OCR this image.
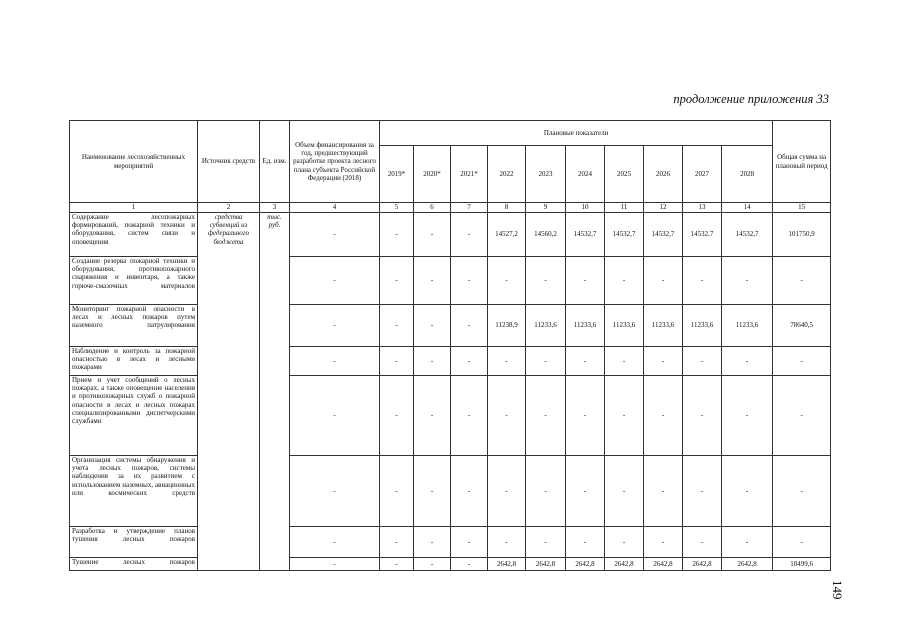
продолжение приложения 33
Наименование лесохозяйственных мероприятий	Источник средств	Ед. изм.	Объем финансирования за год, предшествующий разработке проекта лесного плана субъекта Российской Федерации (2018)	Плановые показатели										Общая сумма на плановый период
				2019*	2020*	2021*	2022	2023	2024	2025	2026	2027	2028	
1	2	3	4	5	6	7	8	9	10	11	12	13	14	15
Содержание лесопожарных формирований, пожарной техники и оборудования, систем связи и оповещения	средства субвенций из федерального бюджета	тыс. руб.	-	-	-	-	14527,2	14560,2	14532,7	14532,7	14532,7	14532,7	14532,7	101750,9
Создание резерва пожарной техники и оборудования, противопожарного снаряжения и инвентаря, а также горюче-смазочных материалов			-	-	-	-	-	-	-	-	-	-	-	-
Мониторинг пожарной опасности в лесах и лесных пожаров путем наземного патрулирования			-	-	-	-	11238,9	11233,6	11233,6	11233,6	11233,6	11233,6	11233,6	78640,5
Наблюдение и контроль за пожарной опасностью в лесах и лесными пожарами			-	-	-	-	-	-	-	-	-	-	-	-
Прием и учет сообщений о лесных пожарах, а также оповещение населения и противопожарных служб о пожарной опасности в лесах и лесных пожарах специализированными диспетчерскими службами			-	-	-	-	-	-	-	-	-	-	-	-
Организация системы обнаружения и учета лесных пожаров, системы наблюдения за их развитием с использованием наземных, авиационных или космических средств			-	-	-	-	-	-	-	-	-	-	-	-
Разработка и утверждение планов тушения лесных пожаров			-	-	-	-	-	-	-	-	-	-	-	-
Тушение лесных пожаров			-	-	-	-	2642,8	2642,8	2642,8	2642,8	2642,8	2642,8	2642,8	18499,6
149
